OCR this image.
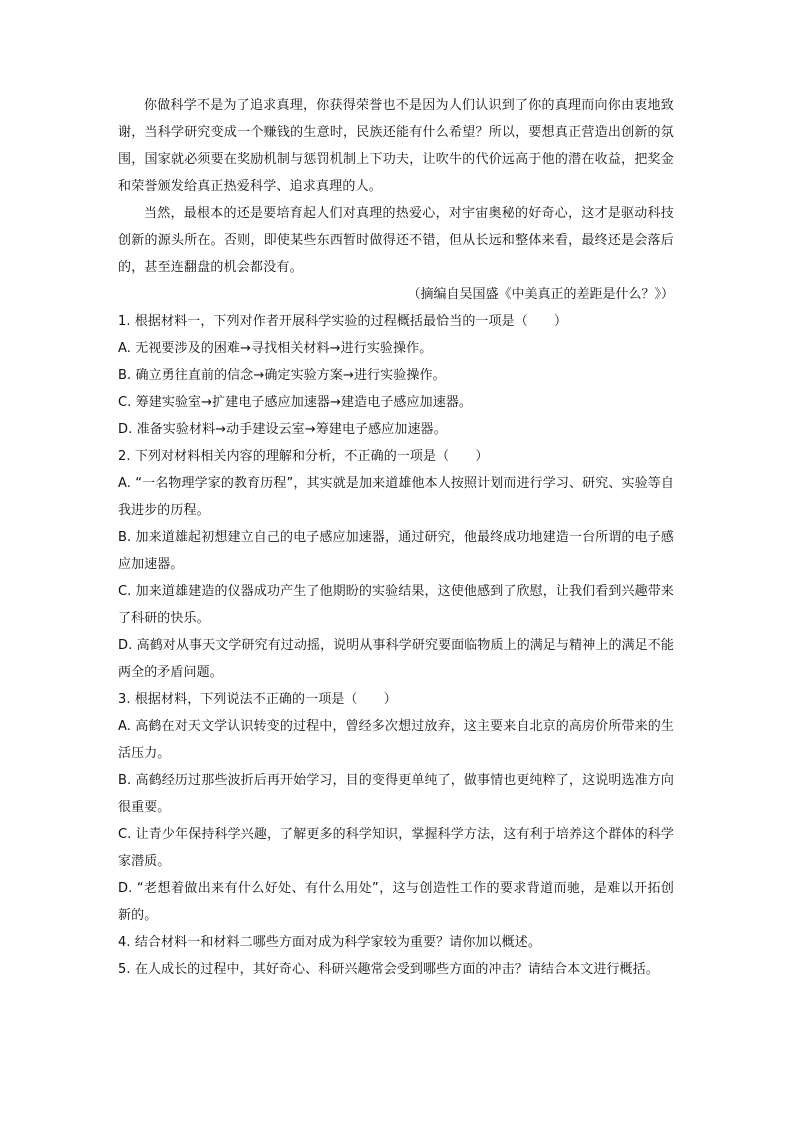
你做科学不是为了追求真理，你获得荣誉也不是因为人们认识到了你的真理而向你由衷地致谢，当科学研究变成一个赚钱的生意时，民族还能有什么希望？所以，要想真正营造出创新的氛围，国家就必须要在奖励机制与惩罚机制上下功夫，让吹牛的代价远高于他的潜在收益，把奖金和荣誉颁发给真正热爱科学、追求真理的人。

当然，最根本的还是要培育起人们对真理的热爱心，对宇宙奥秘的好奇心，这才是驱动科技创新的源头所在。否则，即使某些东西暂时做得还不错，但从长远和整体来看，最终还是会落后的，甚至连翻盘的机会都没有。

（摘编自吴国盛《中美真正的差距是什么？》）

1. 根据材料一，下列对作者开展科学实验的过程概括最恰当的一项是（　　）

A. 无视要涉及的困难→寻找相关材料→进行实验操作。

B. 确立勇往直前的信念→确定实验方案→进行实验操作。

C. 筹建实验室→扩建电子感应加速器→建造电子感应加速器。

D. 准备实验材料→动手建设云室→筹建电子感应加速器。

2. 下列对材料相关内容的理解和分析，不正确的一项是（　　）

A. “一名物理学家的教育历程”，其实就是加来道雄他本人按照计划而进行学习、研究、实验等自我进步的历程。

B. 加来道雄起初想建立自己的电子感应加速器，通过研究，他最终成功地建造一台所谓的电子感应加速器。

C. 加来道雄建造的仪器成功产生了他期盼的实验结果，这使他感到了欣慰，让我们看到兴趣带来了科研的快乐。

D. 高鹤对从事天文学研究有过动摇，说明从事科学研究要面临物质上的满足与精神上的满足不能两全的矛盾问题。

3. 根据材料，下列说法不正确的一项是（　　）

A. 高鹤在对天文学认识转变的过程中，曾经多次想过放弃，这主要来自北京的高房价所带来的生活压力。

B. 高鹤经历过那些波折后再开始学习，目的变得更单纯了，做事情也更纯粹了，这说明选准方向很重要。

C. 让青少年保持科学兴趣，了解更多的科学知识，掌握科学方法，这有利于培养这个群体的科学家潜质。

D. “老想着做出来有什么好处、有什么用处”，这与创造性工作的要求背道而驰，是难以开拓创新的。

4. 结合材料一和材料二哪些方面对成为科学家较为重要？请你加以概述。

5. 在人成长的过程中，其好奇心、科研兴趣常会受到哪些方面的冲击？请结合本文进行概括。
